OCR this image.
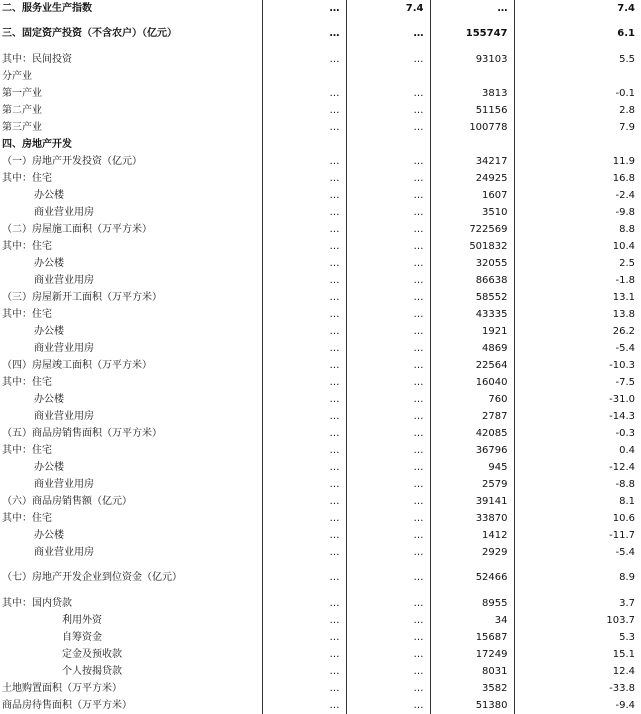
二、服务业生产指数	…	7.4	…	7.4
三、固定资产投资（不含农户）（亿元）	…	…	155747	6.1
其中：民间投资	…	…	93103	5.5
分产业				
第一产业	…	…	3813	-0.1
第二产业	…	…	51156	2.8
第三产业	…	…	100778	7.9
四、房地产开发				
（一）房地产开发投资（亿元）	…	…	34217	11.9
其中：住宅	…	…	24925	16.8
办公楼	…	…	1607	-2.4
商业营业用房	…	…	3510	-9.8
（二）房屋施工面积（万平方米）	…	…	722569	8.8
其中：住宅	…	…	501832	10.4
办公楼	…	…	32055	2.5
商业营业用房	…	…	86638	-1.8
（三）房屋新开工面积（万平方米）	…	…	58552	13.1
其中：住宅	…	…	43335	13.8
办公楼	…	…	1921	26.2
商业营业用房	…	…	4869	-5.4
（四）房屋竣工面积（万平方米）	…	…	22564	-10.3
其中：住宅	…	…	16040	-7.5
办公楼	…	…	760	-31.0
商业营业用房	…	…	2787	-14.3
（五）商品房销售面积（万平方米）	…	…	42085	-0.3
其中：住宅	…	…	36796	0.4
办公楼	…	…	945	-12.4
商业营业用房	…	…	2579	-8.8
（六）商品房销售额（亿元）	…	…	39141	8.1
其中：住宅	…	…	33870	10.6
办公楼	…	…	1412	-11.7
商业营业用房	…	…	2929	-5.4
（七）房地产开发企业到位资金（亿元）	…	…	52466	8.9
其中：国内贷款	…	…	8955	3.7
利用外资	…	…	34	103.7
自筹资金	…	…	15687	5.3
定金及预收款	…	…	17249	15.1
个人按揭贷款	…	…	8031	12.4
土地购置面积（万平方米）	…	…	3582	-33.8
商品房待售面积（万平方米）	…	…	51380	-9.4
